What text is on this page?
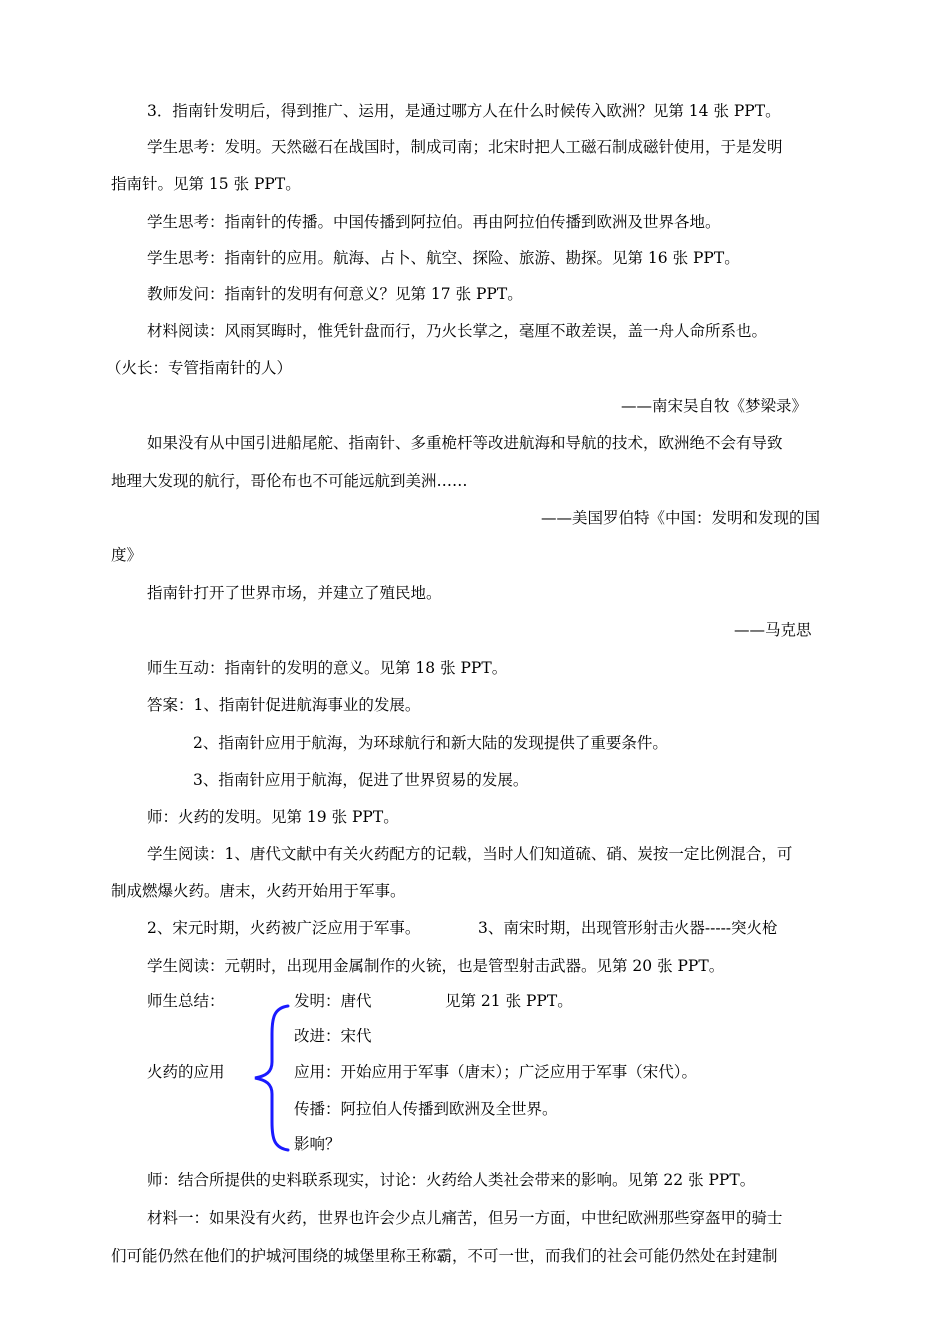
3．指南针发明后，得到推广、运用，是通过哪方人在什么时候传入欧洲？见第 14 张 PPT。
学生思考：发明。天然磁石在战国时，制成司南；北宋时把人工磁石制成磁针使用，于是发明
指南针。见第 15 张 PPT。
学生思考：指南针的传播。中国传播到阿拉伯。再由阿拉伯传播到欧洲及世界各地。
学生思考：指南针的应用。航海、占卜、航空、探险、旅游、勘探。见第 16 张 PPT。
教师发问：指南针的发明有何意义？见第 17 张 PPT。
材料阅读：风雨冥晦时，惟凭针盘而行，乃火长掌之，毫厘不敢差误，盖一舟人命所系也。
（火长：专管指南针的人）
——南宋吴自牧《梦梁录》
如果没有从中国引进船尾舵、指南针、多重桅杆等改进航海和导航的技术，欧洲绝不会有导致
地理大发现的航行，哥伦布也不可能远航到美洲……
——美国罗伯特《中国：发明和发现的国
度》
指南针打开了世界市场，并建立了殖民地。
——马克思
师生互动：指南针的发明的意义。见第 18 张 PPT。
答案：1、指南针促进航海事业的发展。
2、指南针应用于航海，为环球航行和新大陆的发现提供了重要条件。
3、指南针应用于航海，促进了世界贸易的发展。
师：火药的发明。见第 19 张 PPT。
学生阅读：1、唐代文献中有关火药配方的记载，当时人们知道硫、硝、炭按一定比例混合，可
制成燃爆火药。唐末，火药开始用于军事。
2、宋元时期，火药被广泛应用于军事。	3、南宋时期，出现管形射击火器-----突火枪
学生阅读：元朝时，出现用金属制作的火铳，也是管型射击武器。见第 20 张 PPT。
师生总结：	发明：唐代	见第 21 张 PPT。
改进：宋代
火药的应用	应用：开始应用于军事（唐末）；广泛应用于军事（宋代）。
传播：阿拉伯人传播到欧洲及全世界。
影响？
师：结合所提供的史料联系现实，讨论：火药给人类社会带来的影响。见第 22 张 PPT。
材料一：如果没有火药，世界也许会少点儿痛苦，但另一方面，中世纪欧洲那些穿盔甲的骑士
们可能仍然在他们的护城河围绕的城堡里称王称霸，不可一世，而我们的社会可能仍然处在封建制
